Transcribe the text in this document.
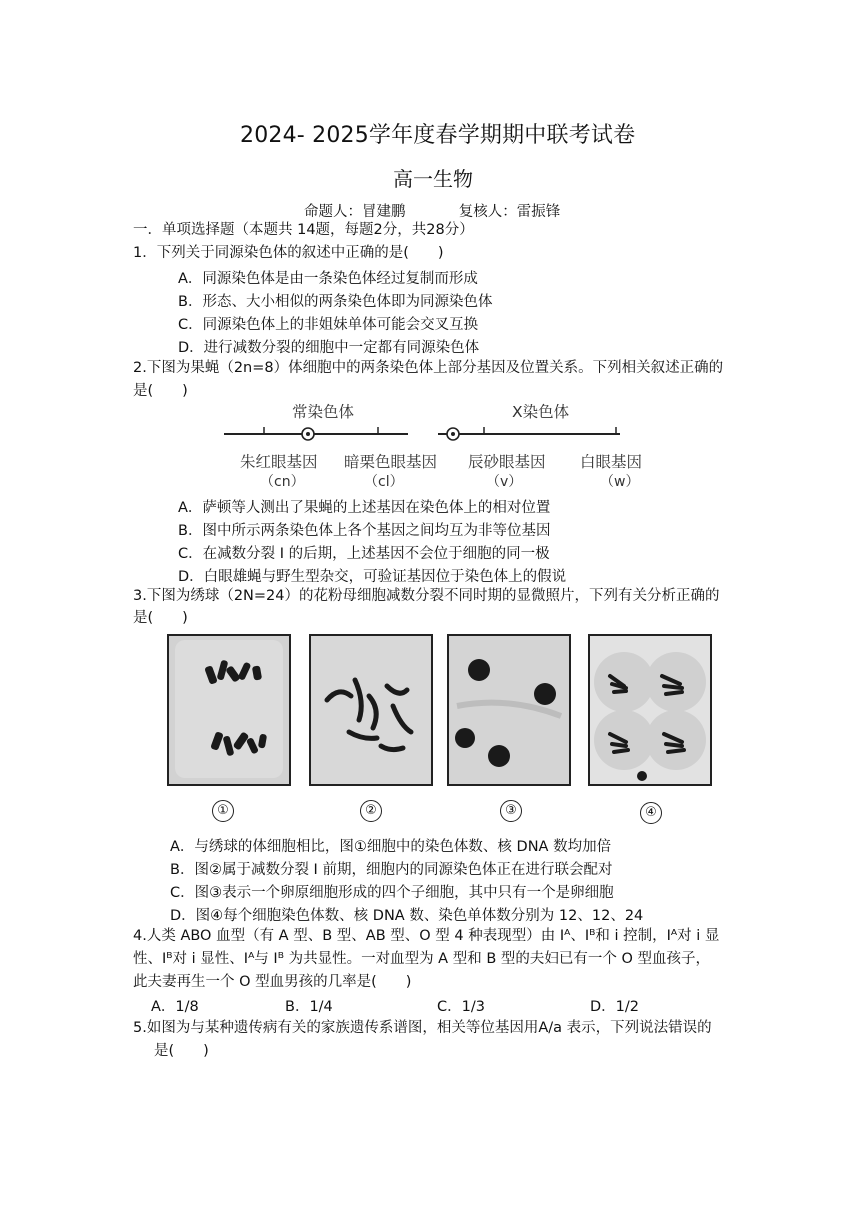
2024- 2025学年度春学期期中联考试卷
高一生物
命题人：冒建鹏	复核人：雷振锋
一．单项选择题（本题共 14题，每题2分，共28分）
1．下列关于同源染色体的叙述中正确的是(　　)
A．同源染色体是由一条染色体经过复制而形成
B．形态、大小相似的两条染色体即为同源染色体
C．同源染色体上的非姐妹单体可能会交叉互换
D．进行减数分裂的细胞中一定都有同源染色体
2.下图为果蝇（2n=8）体细胞中的两条染色体上部分基因及位置关系。下列相关叙述正确的
是(　　)
常染色体	X染色体
朱红眼基因 暗栗色眼基因 辰砂眼基因 白眼基因
（cn）	（cl）	（v）	（w）
A．萨顿等人测出了果蝇的上述基因在染色体上的相对位置
B．图中所示两条染色体上各个基因之间均互为非等位基因
C．在减数分裂 I 的后期，上述基因不会位于细胞的同一极
D．白眼雄蝇与野生型杂交，可验证基因位于染色体上的假说
3.下图为绣球（2N=24）的花粉母细胞减数分裂不同时期的显微照片，下列有关分析正确的
是(　　)
①	②	③	④
A．与绣球的体细胞相比，图①细胞中的染色体数、核 DNA 数均加倍
B．图②属于减数分裂 I 前期，细胞内的同源染色体正在进行联会配对
C．图③表示一个卵原细胞形成的四个子细胞，其中只有一个是卵细胞
D．图④每个细胞染色体数、核 DNA 数、染色单体数分别为 12、12、24
4.人类 ABO 血型（有 A 型、B 型、AB 型、O 型 4 种表现型）由 Iᴬ、Iᴮ和 i 控制，Iᴬ对 i 显
性、Iᴮ对 i 显性、Iᴬ与 Iᴮ 为共显性。一对血型为 A 型和 B 型的夫妇已有一个 O 型血孩子，
此夫妻再生一个 O 型血男孩的几率是(　　)
A．1/8	B．1/4	C．1/3	D．1/2
5.如图为与某种遗传病有关的家族遗传系谱图，相关等位基因用A/a 表示，下列说法错误的
是(　　)
